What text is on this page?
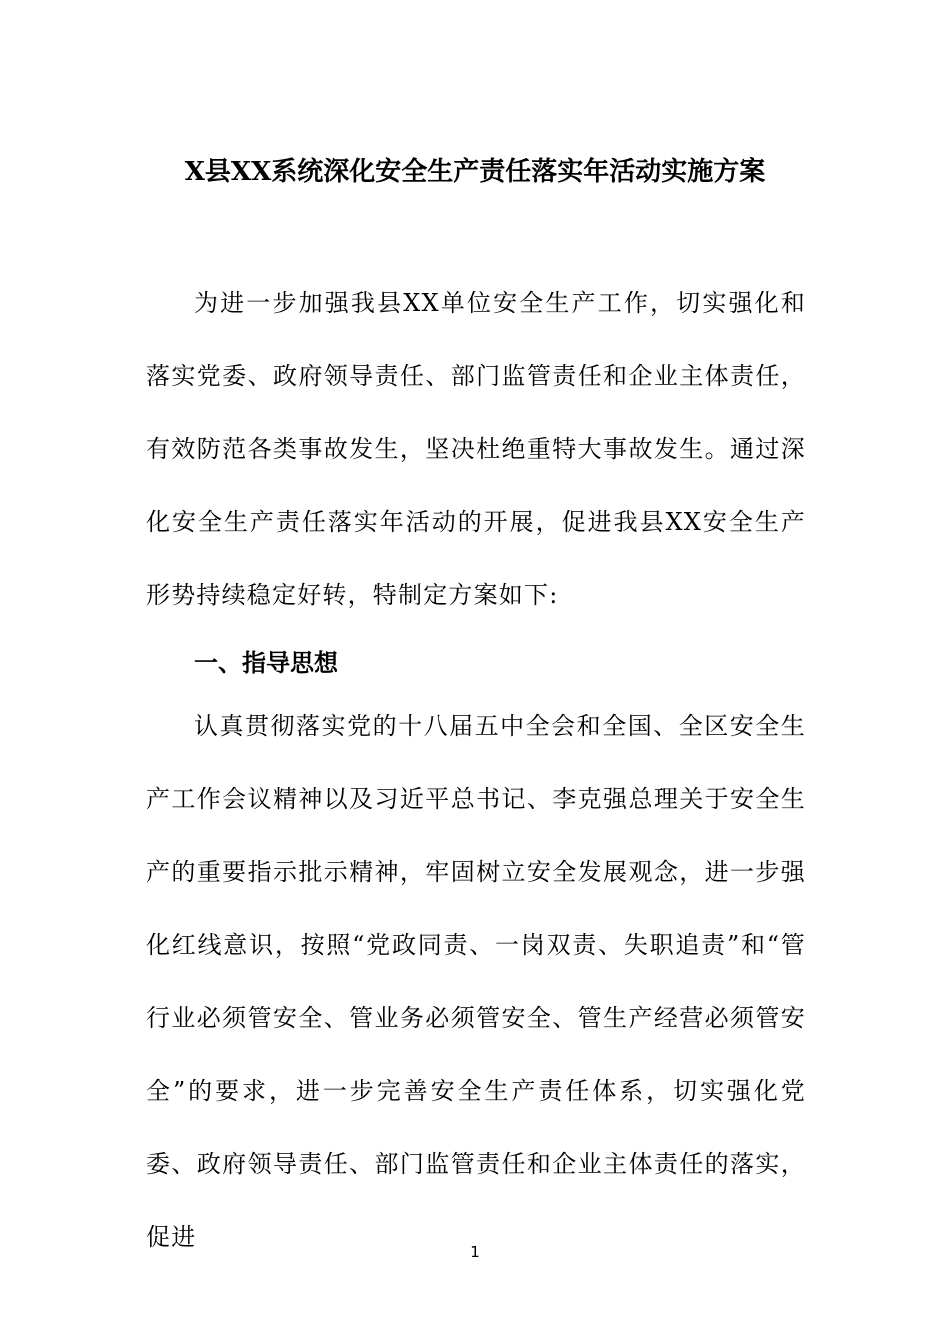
X县XX系统深化安全生产责任落实年活动实施方案

为进一步加强我县XX单位安全生产工作，切实强化和落实党委、政府领导责任、部门监管责任和企业主体责任，有效防范各类事故发生，坚决杜绝重特大事故发生。通过深化安全生产责任落实年活动的开展，促进我县XX安全生产形势持续稳定好转，特制定方案如下:

一、指导思想

认真贯彻落实党的十八届五中全会和全国、全区安全生产工作会议精神以及习近平总书记、李克强总理关于安全生产的重要指示批示精神，牢固树立安全发展观念，进一步强化红线意识，按照“党政同责、一岗双责、失职追责”和“管行业必须管安全、管业务必须管安全、管生产经营必须管安全”的要求，进一步完善安全生产责任体系，切实强化党委、政府领导责任、部门监管责任和企业主体责任的落实，促进

1
